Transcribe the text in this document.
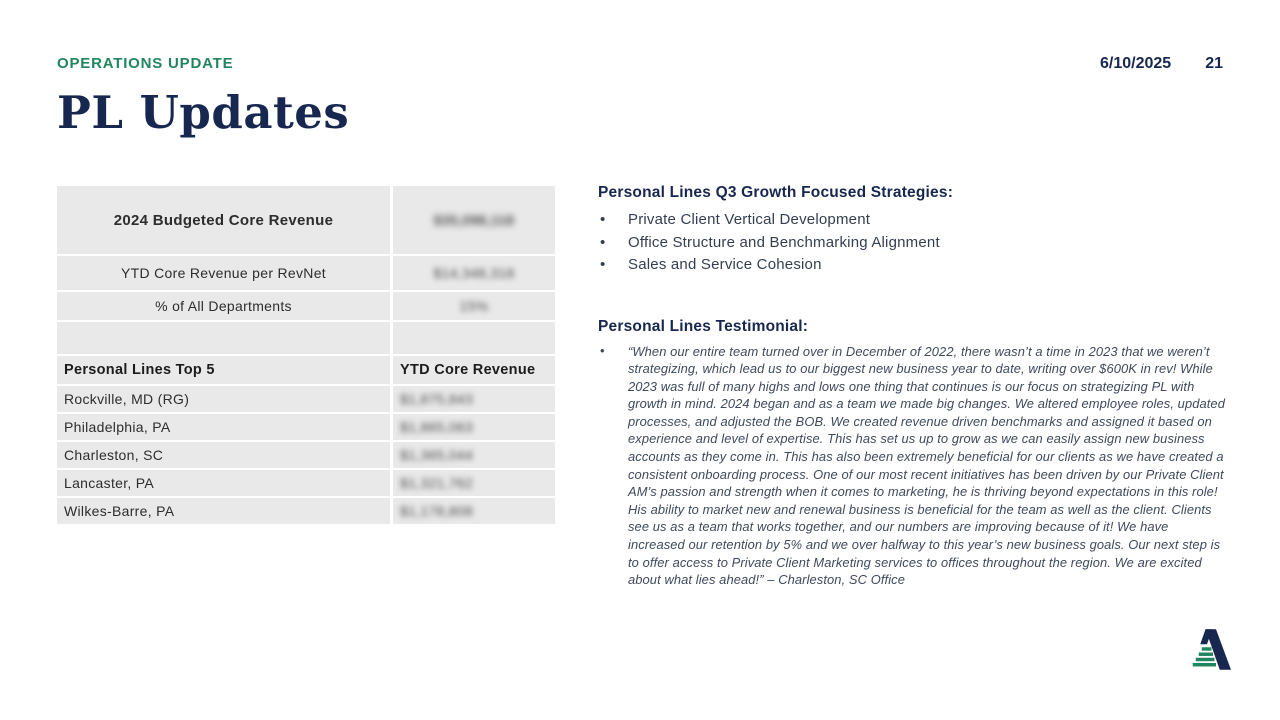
OPERATIONS UPDATE	6/10/2025 21
PL Updates
2024 Budgeted Core Revenue	$35,098,118
YTD Core Revenue per RevNet	$14,348,318
% of All Departments	15%
Personal Lines Top 5	YTD Core Revenue
Rockville, MD (RG)	$1,875,843
Philadelphia, PA	$1,865,063
Charleston, SC	$1,365,044
Lancaster, PA	$1,321,762
Wilkes-Barre, PA	$1,178,808
Personal Lines Q3 Growth Focused Strategies:
• Private Client Vertical Development
• Office Structure and Benchmarking Alignment
• Sales and Service Cohesion
Personal Lines Testimonial:
• “When our entire team turned over in December of 2022, there wasn’t a time in 2023 that we weren’t strategizing, which lead us to our biggest new business year to date, writing over $600K in rev! While 2023 was full of many highs and lows one thing that continues is our focus on strategizing PL with growth in mind. 2024 began and as a team we made big changes. We altered employee roles, updated processes, and adjusted the BOB. We created revenue driven benchmarks and assigned it based on experience and level of expertise. This has set us up to grow as we can easily assign new business accounts as they come in. This has also been extremely beneficial for our clients as we have created a consistent onboarding process. One of our most recent initiatives has been driven by our Private Client AM’s passion and strength when it comes to marketing, he is thriving beyond expectations in this role! His ability to market new and renewal business is beneficial for the team as well as the client. Clients see us as a team that works together, and our numbers are improving because of it! We have increased our retention by 5% and we over halfway to this year’s new business goals. Our next step is to offer access to Private Client Marketing services to offices throughout the region. We are excited about what lies ahead!” – Charleston, SC Office
